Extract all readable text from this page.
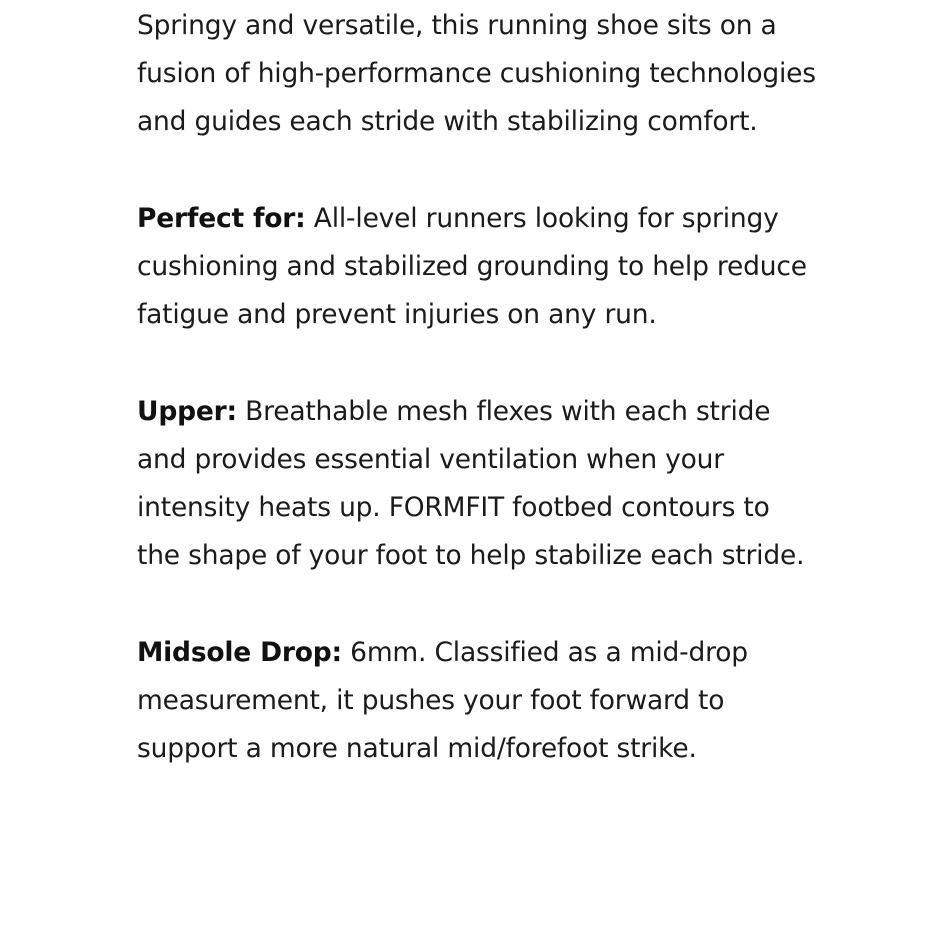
Springy and versatile, this running shoe sits on a fusion of high-performance cushioning technologies and guides each stride with stabilizing comfort.

Perfect for: All-level runners looking for springy cushioning and stabilized grounding to help reduce fatigue and prevent injuries on any run.

Upper: Breathable mesh flexes with each stride and provides essential ventilation when your intensity heats up. FORMFIT footbed contours to the shape of your foot to help stabilize each stride.

Midsole Drop: 6mm. Classified as a mid-drop measurement, it pushes your foot forward to support a more natural mid/forefoot strike.
